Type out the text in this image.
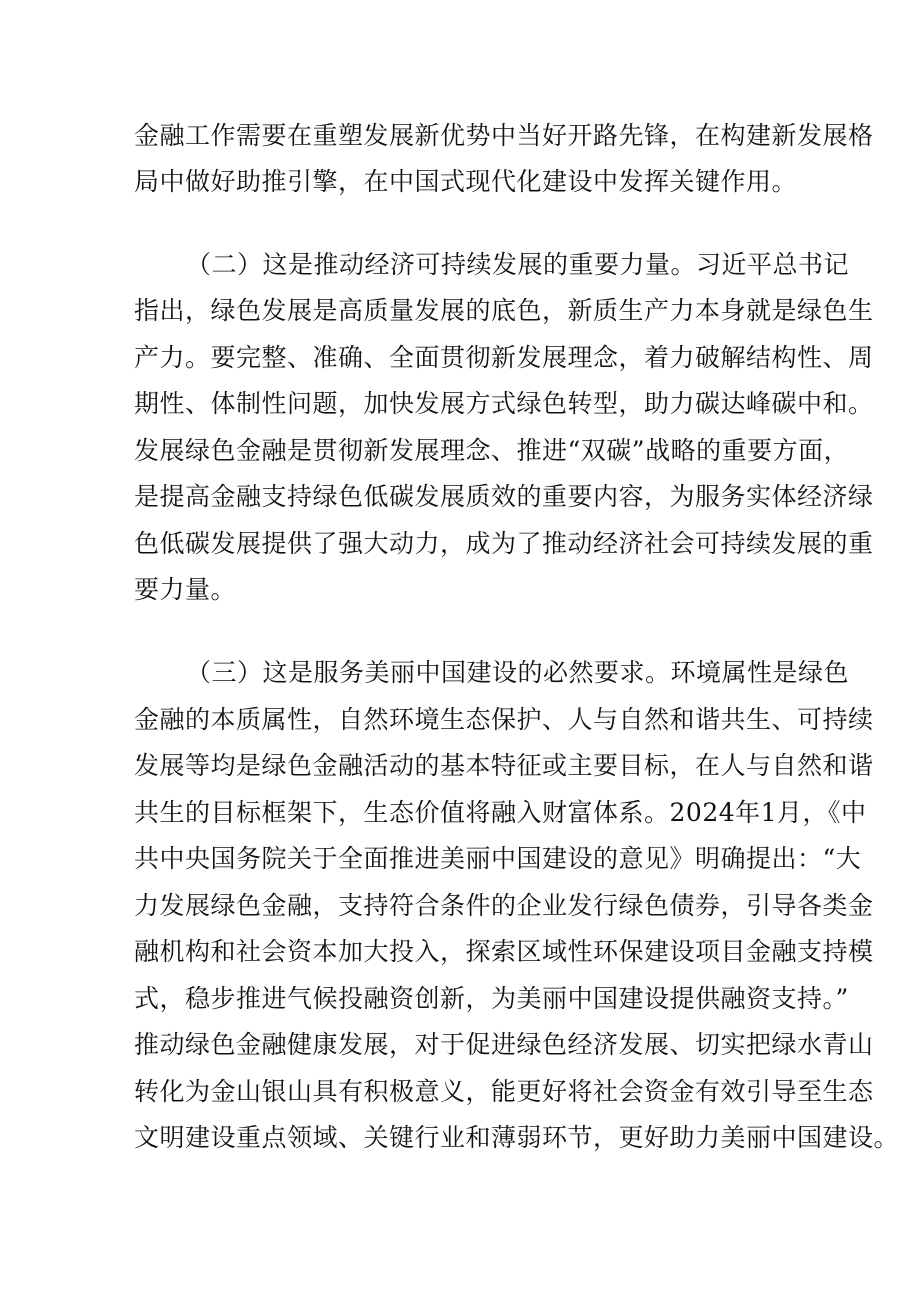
金融工作需要在重塑发展新优势中当好开路先锋，在构建新发展格
局中做好助推引擎，在中国式现代化建设中发挥关键作用。
（二）这是推动经济可持续发展的重要力量。习近平总书记
指出，绿色发展是高质量发展的底色，新质生产力本身就是绿色生
产力。要完整、准确、全面贯彻新发展理念，着力破解结构性、周
期性、体制性问题，加快发展方式绿色转型，助力碳达峰碳中和。
发展绿色金融是贯彻新发展理念、推进“双碳”战略的重要方面，
是提高金融支持绿色低碳发展质效的重要内容，为服务实体经济绿
色低碳发展提供了强大动力，成为了推动经济社会可持续发展的重
要力量。
（三）这是服务美丽中国建设的必然要求。环境属性是绿色
金融的本质属性，自然环境生态保护、人与自然和谐共生、可持续
发展等均是绿色金融活动的基本特征或主要目标，在人与自然和谐
共生的目标框架下，生态价值将融入财富体系。2024年1月，《中
共中央国务院关于全面推进美丽中国建设的意见》明确提出：“大
力发展绿色金融，支持符合条件的企业发行绿色债券，引导各类金
融机构和社会资本加大投入，探索区域性环保建设项目金融支持模
式，稳步推进气候投融资创新，为美丽中国建设提供融资支持。”
推动绿色金融健康发展，对于促进绿色经济发展、切实把绿水青山
转化为金山银山具有积极意义，能更好将社会资金有效引导至生态
文明建设重点领域、关键行业和薄弱环节，更好助力美丽中国建设。
